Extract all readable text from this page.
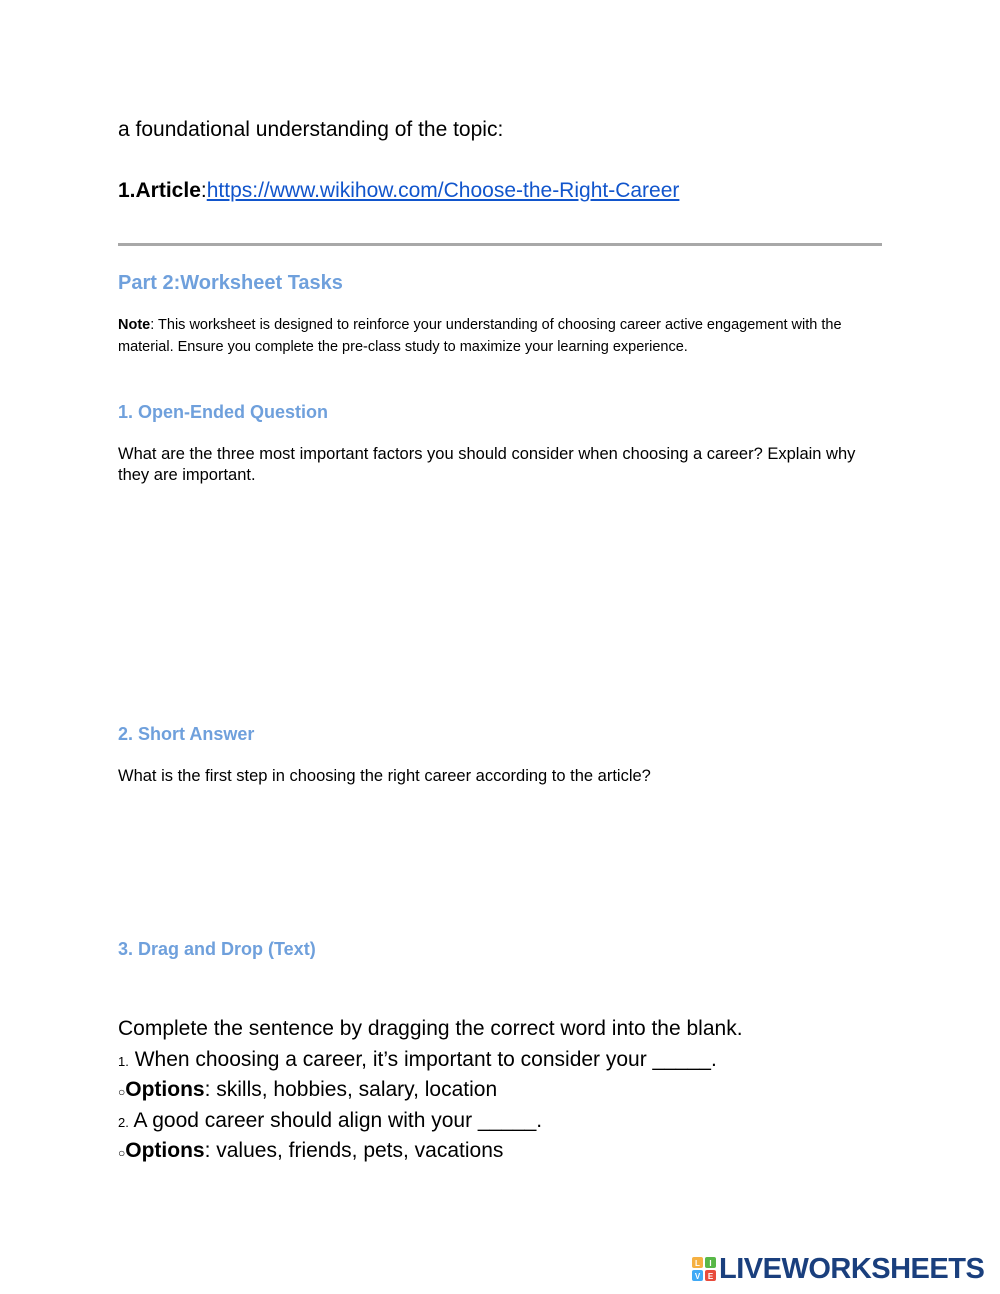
a foundational understanding of the topic:
1.Article:https://www.wikihow.com/Choose-the-Right-Career
Part 2:Worksheet Tasks
Note: This worksheet is designed to reinforce your understanding of choosing career active engagement with the material. Ensure you complete the pre-class study to maximize your learning experience.
1. Open-Ended Question
What are the three most important factors you should consider when choosing a career? Explain why they are important.
2. Short Answer
What is the first step in choosing the right career according to the article?
3. Drag and Drop (Text)
Complete the sentence by dragging the correct word into the blank.
1. When choosing a career, it’s important to consider your _____.
○Options: skills, hobbies, salary, location
2. A good career should align with your _____.
○Options: values, friends, pets, vacations
L I
V E LIVEWORKSHEETS
